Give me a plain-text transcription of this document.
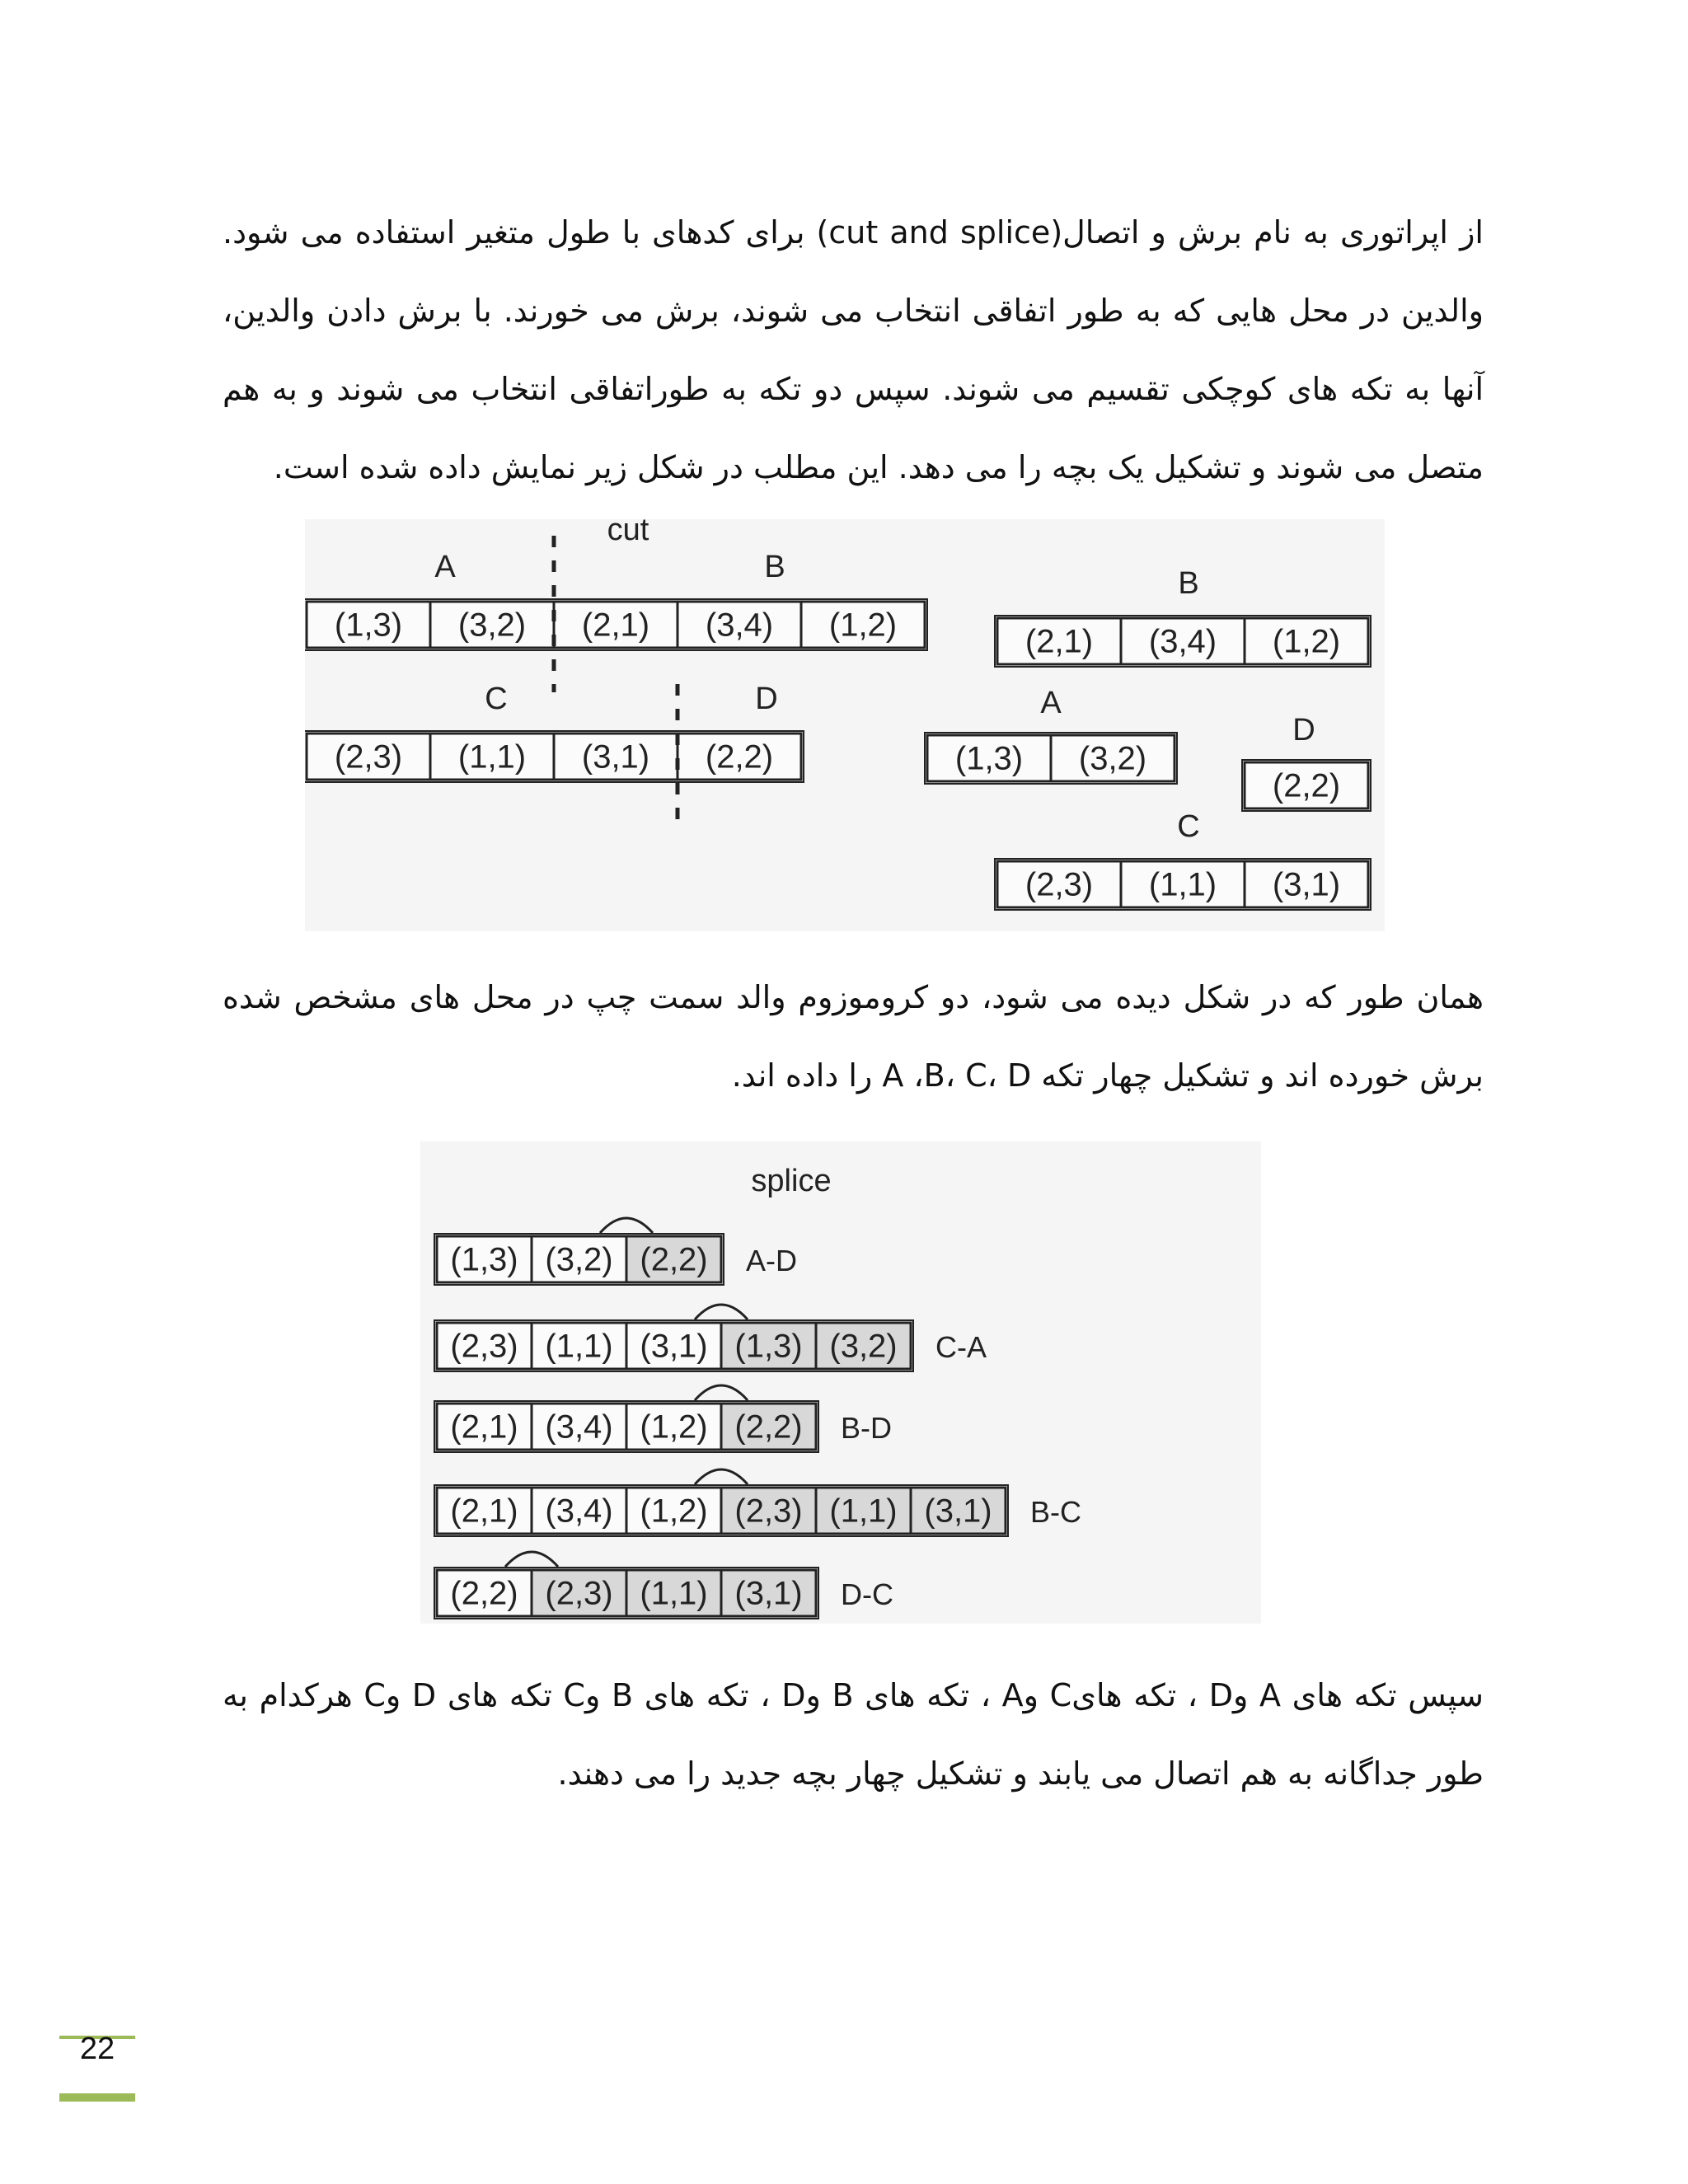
از اپراتوری به نام برش و اتصال(cut and splice) برای کدهای با طول متغیر استفاده می شود. والدین در محل هایی که به طور اتفاقی انتخاب می شوند، برش می خورند. با برش دادن والدین، آنها به تکه های کوچکی تقسیم می شوند. سپس دو تکه به طوراتفاقی انتخاب می شوند و به هم متصل می شوند و تشکیل یک بچه را می دهد. این مطلب در شکل زیر نمایش داده شده است.

(1,3) (3,2) (2,1) (3,4) (1,2)
(2,3) (1,1) (3,1) (2,2)
cut
A	B
C	D
(2,1) (3,4) (1,2)
B
(1,3) (3,2)
A
(2,2)
D
(2,3) (1,1) (3,1)
C

همان طور که در شکل دیده می شود، دو کروموزوم والد سمت چپ در محل های مشخص شده برش خورده اند و تشکیل چهار تکه A ،B، C، D را داده اند.

splice
(1,3) (3,2) (2,2) A-D
(2,3) (1,1) (3,1) (1,3) (3,2) C-A
(2,1) (3,4) (1,2) (2,2) B-D
(2,1) (3,4) (1,2) (2,3) (1,1) (3,1) B-C
(2,2) (2,3) (1,1) (3,1) D-C

سپس تکه های A وD ، تکه هایC وA ، تکه های B وD ، تکه های B وC تکه های D وC هرکدام به طور جداگانه به هم اتصال می یابند و تشکیل چهار بچه جدید را می دهند.

22
